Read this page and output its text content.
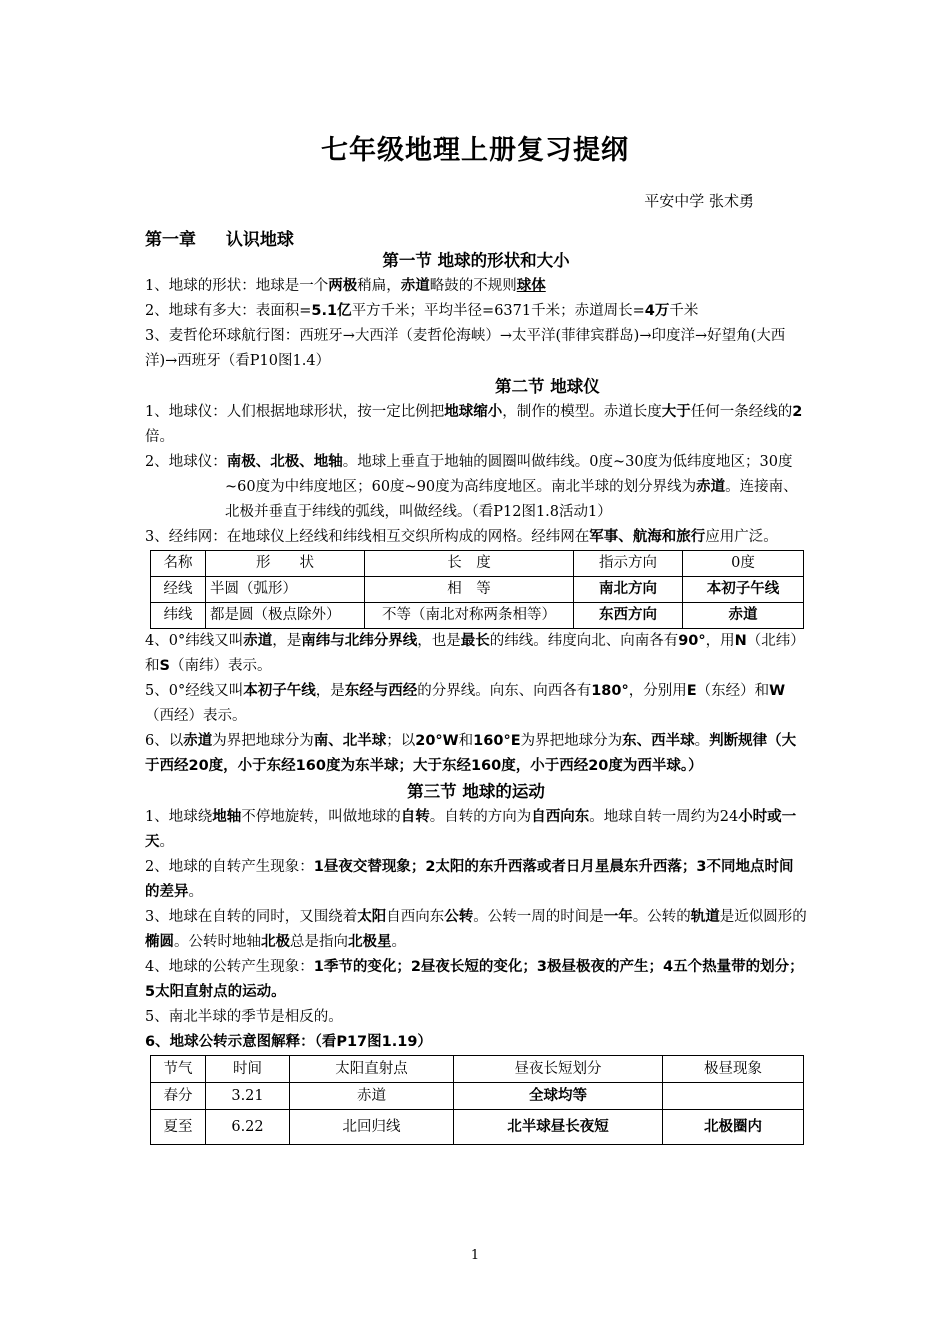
七年级地理上册复习提纲
平安中学 张术勇
第一章 认识地球
第一节 地球的形状和大小

1、地球的形状：地球是一个两极稍扁，赤道略鼓的不规则球体

2、地球有多大：表面积=5.1亿平方千米；平均半径=6371千米；赤道周长=4万千米

3、麦哲伦环球航行图：西班牙→大西洋（麦哲伦海峡）→太平洋(菲律宾群岛)→印度洋→好望角(大西洋)→西班牙（看P10图1.4）

第二节 地球仪

1、地球仪：人们根据地球形状，按一定比例把地球缩小，制作的模型。赤道长度大于任何一条经线的2倍。

2、地球仪：南极、北极、地轴。地球上垂直于地轴的圆圈叫做纬线。0度~30度为低纬度地区；30度~60度为中纬度地区；60度~90度为高纬度地区。南北半球的划分界线为赤道。连接南、北极并垂直于纬线的弧线，叫做经线。（看P12图1.8活动1）

3、经纬网：在地球仪上经线和纬线相互交织所构成的网格。经纬网在军事、航海和旅行应用广泛。

名称	形　　状	长　度	指示方向	0度
经线	半圆（弧形）	相　等	南北方向	本初子午线
纬线	都是圆（极点除外）	不等（南北对称两条相等）	东西方向	赤道

4、0°纬线又叫赤道，是南纬与北纬分界线，也是最长的纬线。纬度向北、向南各有90°，用N（北纬）和S（南纬）表示。

5、0°经线又叫本初子午线，是东经与西经的分界线。向东、向西各有180°，分别用E（东经）和W（西经）表示。

6、以赤道为界把地球分为南、北半球；以20°W和160°E为界把地球分为东、西半球。判断规律（大于西经20度，小于东经160度为东半球；大于东经160度，小于西经20度为西半球。）

第三节 地球的运动

1、地球绕地轴不停地旋转，叫做地球的自转。自转的方向为自西向东。地球自转一周约为24小时或一天。

2、地球的自转产生现象：1昼夜交替现象；2太阳的东升西落或者日月星晨东升西落；3不同地点时间的差异。

3、地球在自转的同时，又围绕着太阳自西向东公转。公转一周的时间是一年。公转的轨道是近似圆形的椭圆。公转时地轴北极总是指向北极星。

4、地球的公转产生现象：1季节的变化；2昼夜长短的变化；3极昼极夜的产生；4五个热量带的划分；5太阳直射点的运动。

5、南北半球的季节是相反的。

6、地球公转示意图解释：（看P17图1.19）

节气	时间	太阳直射点	昼夜长短划分	极昼现象
春分	3.21	赤道	全球均等	
夏至	6.22	北回归线	北半球昼长夜短	北极圈内
1
